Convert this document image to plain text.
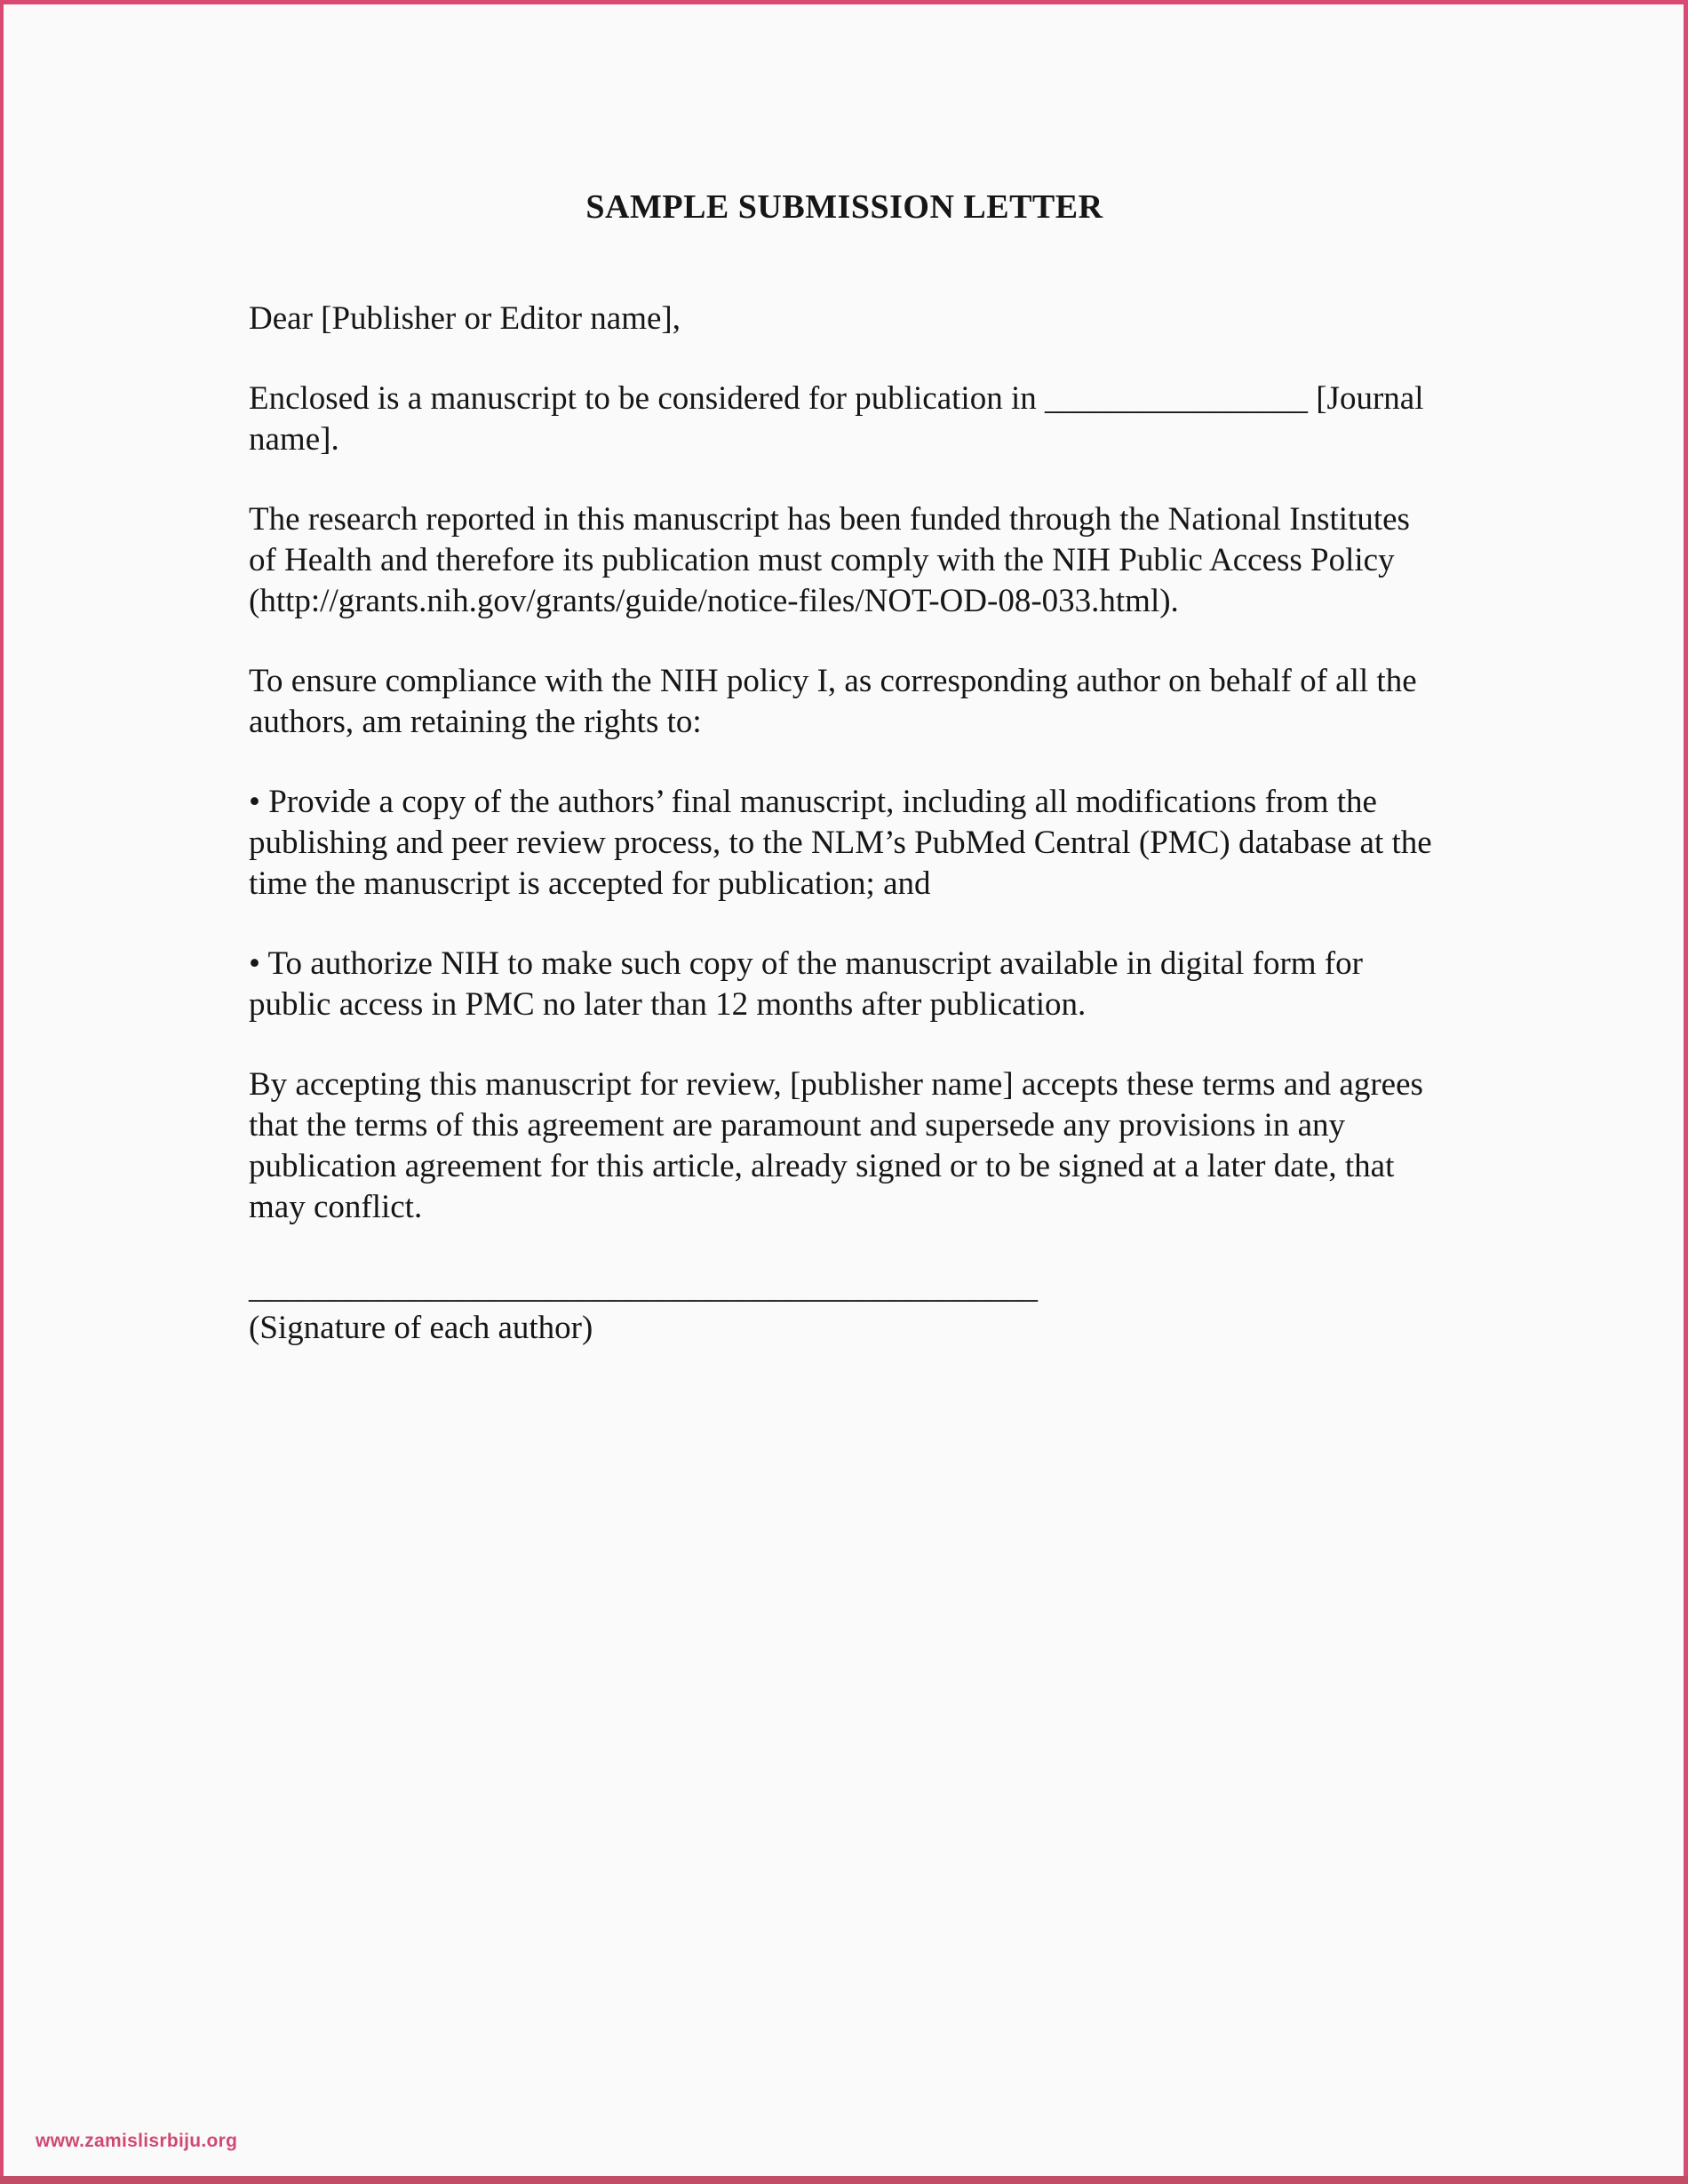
SAMPLE SUBMISSION LETTER

Dear [Publisher or Editor name],

Enclosed is a manuscript to be considered for publication in ________________ [Journal name].

The research reported in this manuscript has been funded through the National Institutes of Health and therefore its publication must comply with the NIH Public Access Policy (http://grants.nih.gov/grants/guide/notice-files/NOT-OD-08-033.html).

To ensure compliance with the NIH policy I, as corresponding author on behalf of all the authors, am retaining the rights to:

• Provide a copy of the authors’ final manuscript, including all modifications from the publishing and peer review process, to the NLM’s PubMed Central (PMC) database at the time the manuscript is accepted for publication; and

• To authorize NIH to make such copy of the manuscript available in digital form for public access in PMC no later than 12 months after publication.

By accepting this manuscript for review, [publisher name] accepts these terms and agrees that the terms of this agreement are paramount and supersede any provisions in any publication agreement for this article, already signed or to be signed at a later date, that may conflict.

________________________________________________

(Signature of each author)

www.zamislisrbiju.org
